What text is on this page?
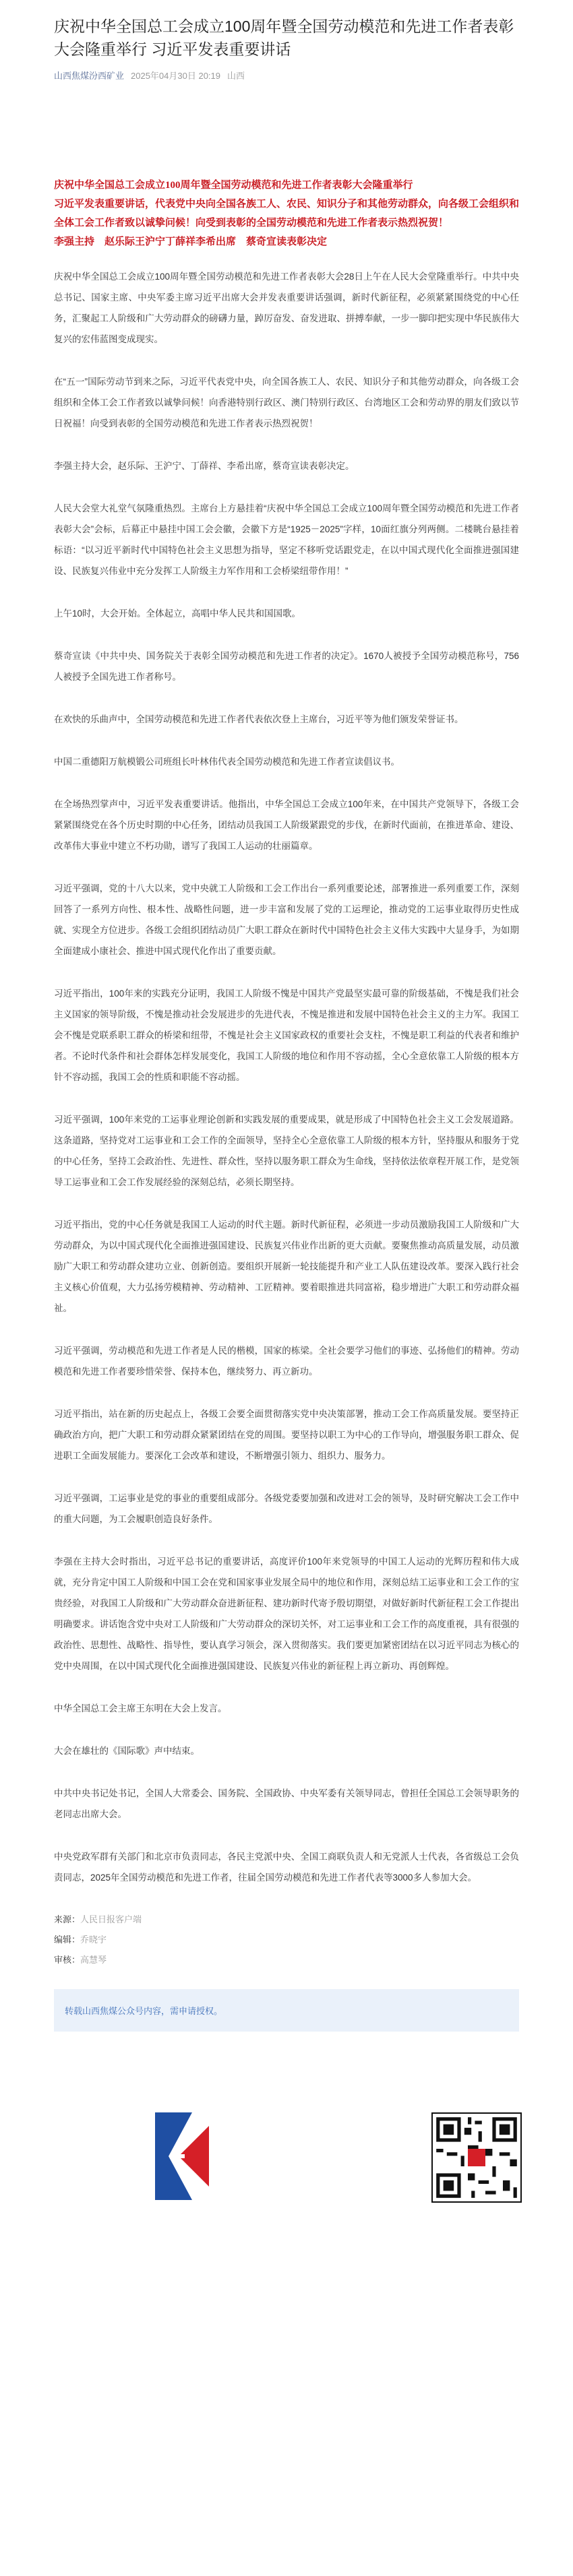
庆祝中华全国总工会成立100周年暨全国劳动模范和先进工作者表彰大会隆重举行 习近平发表重要讲话
山西焦煤汾西矿业 2025年04月30日 20:19 山西

庆祝中华全国总工会成立100周年暨全国劳动模范和先进工作者表彰大会隆重举行

习近平发表重要讲话，代表党中央向全国各族工人、农民、知识分子和其他劳动群众，向各级工会组织和全体工会工作者致以诚挚问候！向受到表彰的全国劳动模范和先进工作者表示热烈祝贺！

李强主持　赵乐际王沪宁丁薛祥李希出席　蔡奇宣读表彰决定

庆祝中华全国总工会成立100周年暨全国劳动模范和先进工作者表彰大会28日上午在人民大会堂隆重举行。中共中央总书记、国家主席、中央军委主席习近平出席大会并发表重要讲话强调，新时代新征程，必须紧紧围绕党的中心任务，汇聚起工人阶级和广大劳动群众的磅礴力量，踔厉奋发、奋发进取、拼搏奉献，一步一脚印把实现中华民族伟大复兴的宏伟蓝图变成现实。

在“五一”国际劳动节到来之际，习近平代表党中央，向全国各族工人、农民、知识分子和其他劳动群众，向各级工会组织和全体工会工作者致以诚挚问候！向香港特别行政区、澳门特别行政区、台湾地区工会和劳动界的朋友们致以节日祝福！向受到表彰的全国劳动模范和先进工作者表示热烈祝贺！

李强主持大会，赵乐际、王沪宁、丁薛祥、李希出席，蔡奇宣读表彰决定。

人民大会堂大礼堂气氛隆重热烈。主席台上方悬挂着“庆祝中华全国总工会成立100周年暨全国劳动模范和先进工作者表彰大会”会标，后幕正中悬挂中国工会会徽，会徽下方是“1925－2025”字样，10面红旗分列两侧。二楼眺台悬挂着标语：“以习近平新时代中国特色社会主义思想为指导，坚定不移听党话跟党走，在以中国式现代化全面推进强国建设、民族复兴伟业中充分发挥工人阶级主力军作用和工会桥梁纽带作用！”

上午10时，大会开始。全体起立，高唱中华人民共和国国歌。

蔡奇宣读《中共中央、国务院关于表彰全国劳动模范和先进工作者的决定》。1670人被授予全国劳动模范称号，756人被授予全国先进工作者称号。

在欢快的乐曲声中，全国劳动模范和先进工作者代表依次登上主席台，习近平等为他们颁发荣誉证书。

中国二重德阳万航模锻公司班组长叶林伟代表全国劳动模范和先进工作者宣读倡议书。

在全场热烈掌声中，习近平发表重要讲话。他指出，中华全国总工会成立100年来，在中国共产党领导下，各级工会紧紧围绕党在各个历史时期的中心任务，团结动员我国工人阶级紧跟党的步伐，在新时代面前，在推进革命、建设、改革伟大事业中建立不朽功勋，谱写了我国工人运动的壮丽篇章。

习近平强调，党的十八大以来，党中央就工人阶级和工会工作出台一系列重要论述，部署推进一系列重要工作，深刻回答了一系列方向性、根本性、战略性问题，进一步丰富和发展了党的工运理论，推动党的工运事业取得历史性成就、实现全方位进步。各级工会组织团结动员广大职工群众在新时代中国特色社会主义伟大实践中大显身手，为如期全面建成小康社会、推进中国式现代化作出了重要贡献。

习近平指出，100年来的实践充分证明，我国工人阶级不愧是中国共产党最坚实最可靠的阶级基础，不愧是我们社会主义国家的领导阶级，不愧是推动社会发展进步的先进代表，不愧是推进和发展中国特色社会主义的主力军。我国工会不愧是党联系职工群众的桥梁和纽带，不愧是社会主义国家政权的重要社会支柱，不愧是职工利益的代表者和维护者。不论时代条件和社会群体怎样发展变化，我国工人阶级的地位和作用不容动摇，全心全意依靠工人阶级的根本方针不容动摇，我国工会的性质和职能不容动摇。

习近平强调，100年来党的工运事业理论创新和实践发展的重要成果，就是形成了中国特色社会主义工会发展道路。这条道路，坚持党对工运事业和工会工作的全面领导，坚持全心全意依靠工人阶级的根本方针，坚持服从和服务于党的中心任务，坚持工会政治性、先进性、群众性，坚持以服务职工群众为生命线，坚持依法依章程开展工作，是党领导工运事业和工会工作发展经验的深刻总结，必须长期坚持。

习近平指出，党的中心任务就是我国工人运动的时代主题。新时代新征程，必须进一步动员激励我国工人阶级和广大劳动群众，为以中国式现代化全面推进强国建设、民族复兴伟业作出新的更大贡献。要聚焦推动高质量发展，动员激励广大职工和劳动群众建功立业、创新创造。要组织开展新一轮技能提升和产业工人队伍建设改革。要深入践行社会主义核心价值观，大力弘扬劳模精神、劳动精神、工匠精神。要着眼推进共同富裕，稳步增进广大职工和劳动群众福祉。

习近平强调，劳动模范和先进工作者是人民的楷模，国家的栋梁。全社会要学习他们的事迹、弘扬他们的精神。劳动模范和先进工作者要珍惜荣誉、保持本色，继续努力、再立新功。

习近平指出，站在新的历史起点上，各级工会要全面贯彻落实党中央决策部署，推动工会工作高质量发展。要坚持正确政治方向，把广大职工和劳动群众紧紧团结在党的周围。要坚持以职工为中心的工作导向，增强服务职工群众、促进职工全面发展能力。要深化工会改革和建设，不断增强引领力、组织力、服务力。

习近平强调，工运事业是党的事业的重要组成部分。各级党委要加强和改进对工会的领导，及时研究解决工会工作中的重大问题，为工会履职创造良好条件。

李强在主持大会时指出，习近平总书记的重要讲话，高度评价100年来党领导的中国工人运动的光辉历程和伟大成就，充分肯定中国工人阶级和中国工会在党和国家事业发展全局中的地位和作用，深刻总结工运事业和工会工作的宝贵经验，对我国工人阶级和广大劳动群众奋进新征程、建功新时代寄予殷切期望，对做好新时代新征程工会工作提出明确要求。讲话饱含党中央对工人阶级和广大劳动群众的深切关怀，对工运事业和工会工作的高度重视，具有很强的政治性、思想性、战略性、指导性，要认真学习领会，深入贯彻落实。我们要更加紧密团结在以习近平同志为核心的党中央周围，在以中国式现代化全面推进强国建设、民族复兴伟业的新征程上再立新功、再创辉煌。

中华全国总工会主席王东明在大会上发言。

大会在雄壮的《国际歌》声中结束。

中共中央书记处书记，全国人大常委会、国务院、全国政协、中央军委有关领导同志，曾担任全国总工会领导职务的老同志出席大会。

中央党政军群有关部门和北京市负责同志，各民主党派中央、全国工商联负责人和无党派人士代表，各省级总工会负责同志，2025年全国劳动模范和先进工作者，往届全国劳动模范和先进工作者代表等3000多人参加大会。

来源： 人民日报客户端
编辑： 乔晓宇
审核： 高慧琴
转载山西焦煤公众号内容，需申请授权。
